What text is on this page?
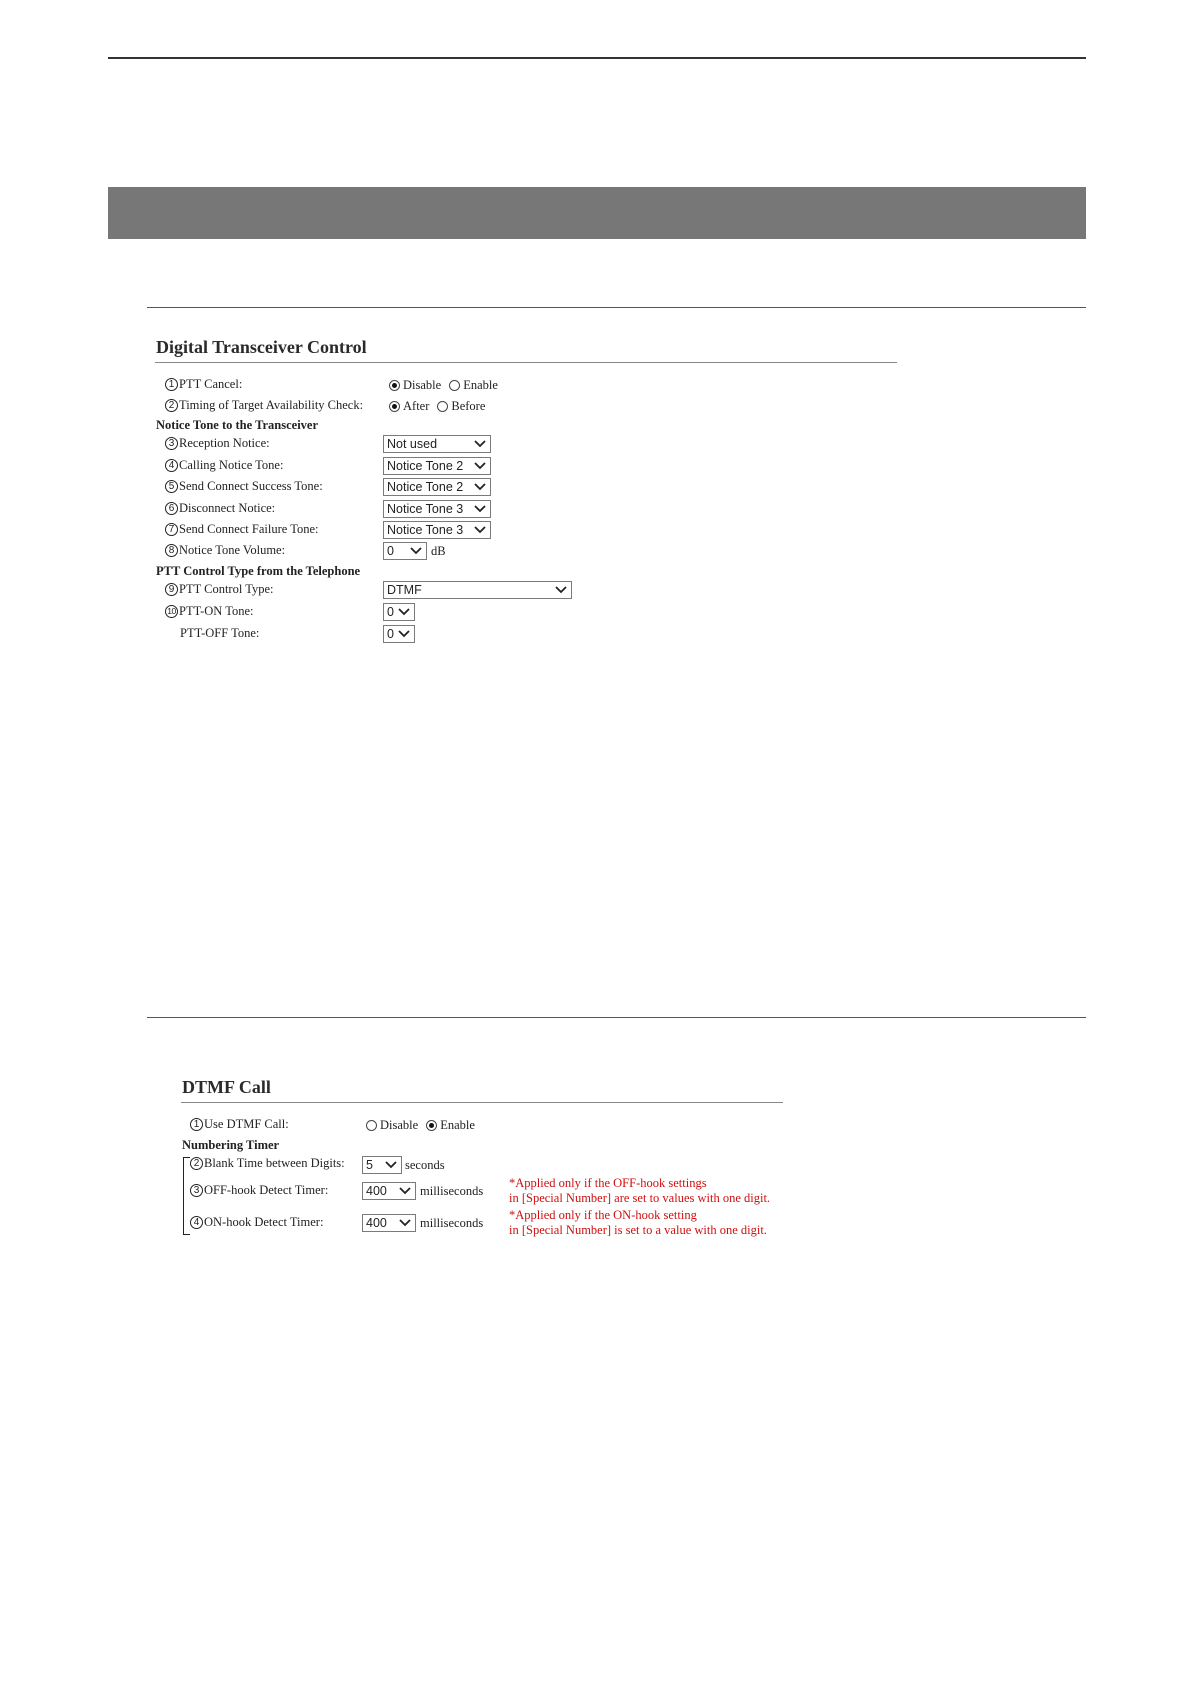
Digital Transceiver Control
1 PTT Cancel:	Disable Enable
2 Timing of Target Availability Check:	After Before
Notice Tone to the Transceiver
3 Reception Notice:	Not used
4 Calling Notice Tone:	Notice Tone 2
5 Send Connect Success Tone:	Notice Tone 2
6 Disconnect Notice:	Notice Tone 3
7 Send Connect Failure Tone:	Notice Tone 3
8 Notice Tone Volume:	0	dB
PTT Control Type from the Telephone
9 PTT Control Type:	DTMF
10 PTT-ON Tone:	0
PTT-OFF Tone:	0
DTMF Call
1 Use DTMF Call:	Disable Enable
Numbering Timer
2 Blank Time between Digits: 5	seconds
3 OFF-hook Detect Timer:	400	milliseconds
*Applied only if the OFF-hook settings
in [Special Number] are set to values with one digit.
4 ON-hook Detect Timer:	400	milliseconds
*Applied only if the ON-hook setting
in [Special Number] is set to a value with one digit.
